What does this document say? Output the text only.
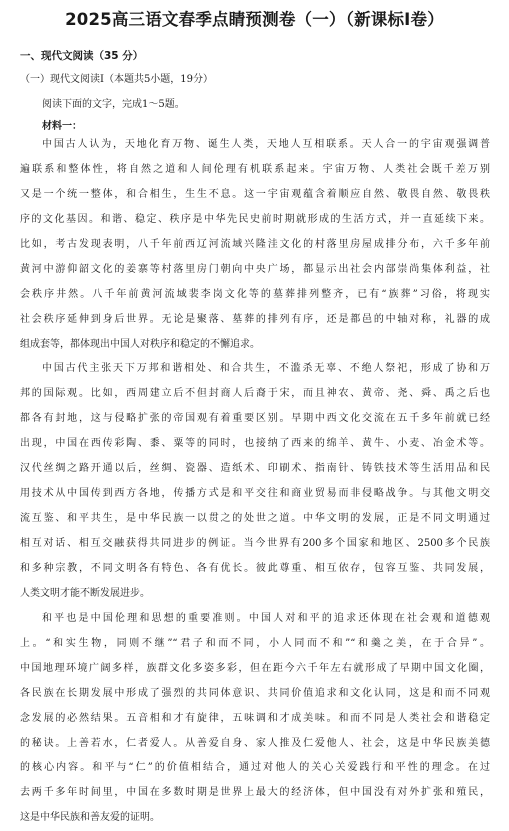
2025高三语文春季点睛预测卷（一）（新课标I卷）
一、现代文阅读（35 分）
（一）现代文阅读I（本题共5小题，19分）
阅读下面的文字，完成1～5题。
材料一：
中国古人认为，天地化育万物、诞生人类，天地人互相联系。天人合一的宇宙观强调普
遍联系和整体性，将自然之道和人间伦理有机联系起来。宇宙万物、人类社会既千差万别
又是一个统一整体，和合相生，生生不息。这一宇宙观蕴含着顺应自然、敬畏自然、敬畏秩
序的文化基因。和谐、稳定、秩序是中华先民史前时期就形成的生活方式，并一直延续下来。
比如，考古发现表明，八千年前西辽河流域兴隆洼文化的村落里房屋成排分布，六千多年前
黄河中游仰韶文化的姜寨等村落里房门朝向中央广场，都显示出社会内部崇尚集体利益，社
会秩序井然。八千年前黄河流域裴李岗文化等的墓葬排列整齐，已有“族葬”习俗，将现实
社会秩序延伸到身后世界。无论是聚落、墓葬的排列有序，还是都邑的中轴对称，礼器的成
组成套等，都体现出中国人对秩序和稳定的不懈追求。
中国古代主张天下万邦和谐相处、和合共生，不滥杀无辜、不绝人祭祀，形成了协和万
邦的国际观。比如，西周建立后不但封商人后裔于宋，而且神农、黄帝、尧、舜、禹之后也
都各有封地，这与侵略扩张的帝国观有着重要区别。早期中西文化交流在五千多年前就已经
出现，中国在西传彩陶、黍、粟等的同时，也接纳了西来的绵羊、黄牛、小麦、冶金术等。
汉代丝绸之路开通以后，丝绸、瓷器、造纸术、印刷术、指南针、铸铁技术等生活用品和民
用技术从中国传到西方各地，传播方式是和平交往和商业贸易而非侵略战争。与其他文明交
流互鉴、和平共生，是中华民族一以贯之的处世之道。中华文明的发展，正是不同文明通过
相互对话、相互交融获得共同进步的例证。当今世界有200多个国家和地区、2500多个民族
和多种宗教，不同文明各有特色、各有优长。彼此尊重、相互依存，包容互鉴、共同发展，
人类文明才能不断发展进步。
和平也是中国伦理和思想的重要准则。中国人对和平的追求还体现在社会观和道德观
上。“和实生物，同则不继”“君子和而不同，小人同而不和”“和羹之美，在于合异”。
中国地理环境广阔多样，族群文化多姿多彩，但在距今六千年左右就形成了早期中国文化圈，
各民族在长期发展中形成了强烈的共同体意识、共同价值追求和文化认同，这是和而不同观
念发展的必然结果。五音相和才有旋律，五味调和才成美味。和而不同是人类社会和谐稳定
的秘诀。上善若水，仁者爱人。从善爱自身、家人推及仁爱他人、社会，这是中华民族美德
的核心内容。和平与“仁”的价值相结合，通过对他人的关心关爱践行和平性的理念。在过
去两千多年时间里，中国在多数时期是世界上最大的经济体，但中国没有对外扩张和殖民，
这是中华民族和善友爱的证明。
